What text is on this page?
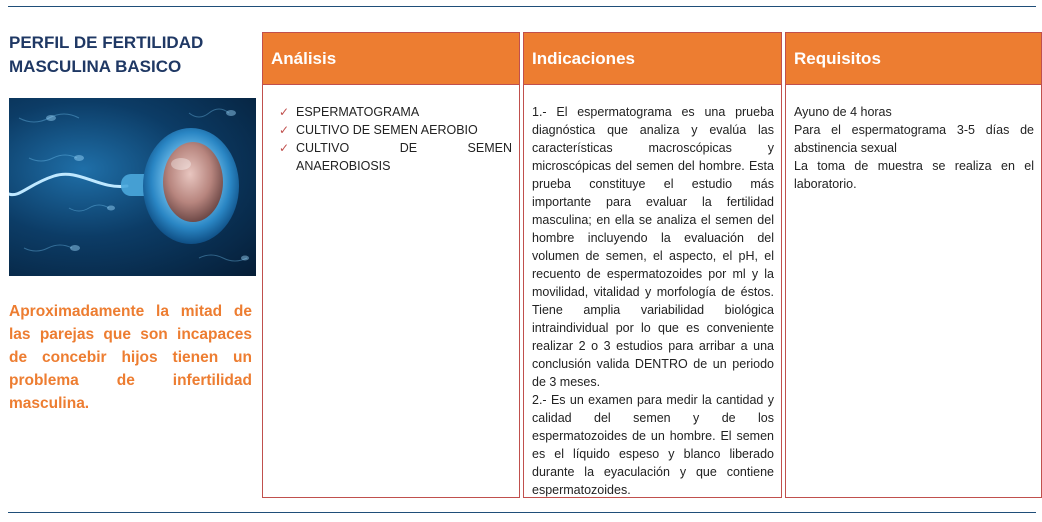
PERFIL DE FERTILIDAD MASCULINA BASICO
Aproximadamente la mitad de
las parejas que son incapaces
de concebir hijos tienen un
problema de infertilidad
masculina.
Análisis
✓ ESPERMATOGRAMA
✓ CULTIVO DE SEMEN AEROBIO
✓ CULTIVO DE SEMEN ANAEROBIOSIS
Indicaciones
1.- El espermatograma es una prueba diagnóstica que analiza y evalúa las características macroscópicas y microscópicas del semen del hombre. Esta prueba constituye el estudio más importante para evaluar la fertilidad masculina; en ella se analiza el semen del hombre incluyendo la evaluación del volumen de semen, el aspecto, el pH, el recuento de espermatozoides por ml y la movilidad, vitalidad y morfología de éstos. Tiene amplia variabilidad biológica intraindividual por lo que es conveniente realizar 2 o 3 estudios para arribar a una conclusión valida DENTRO de un periodo de 3 meses.
2.- Es un examen para medir la cantidad y calidad del semen y de los espermatozoides de un hombre. El semen es el líquido espeso y blanco liberado durante la eyaculación y que contiene espermatozoides.
Requisitos
Ayuno de 4 horas
Para el espermatograma 3-5 días de abstinencia sexual
La toma de muestra se realiza en el laboratorio.
